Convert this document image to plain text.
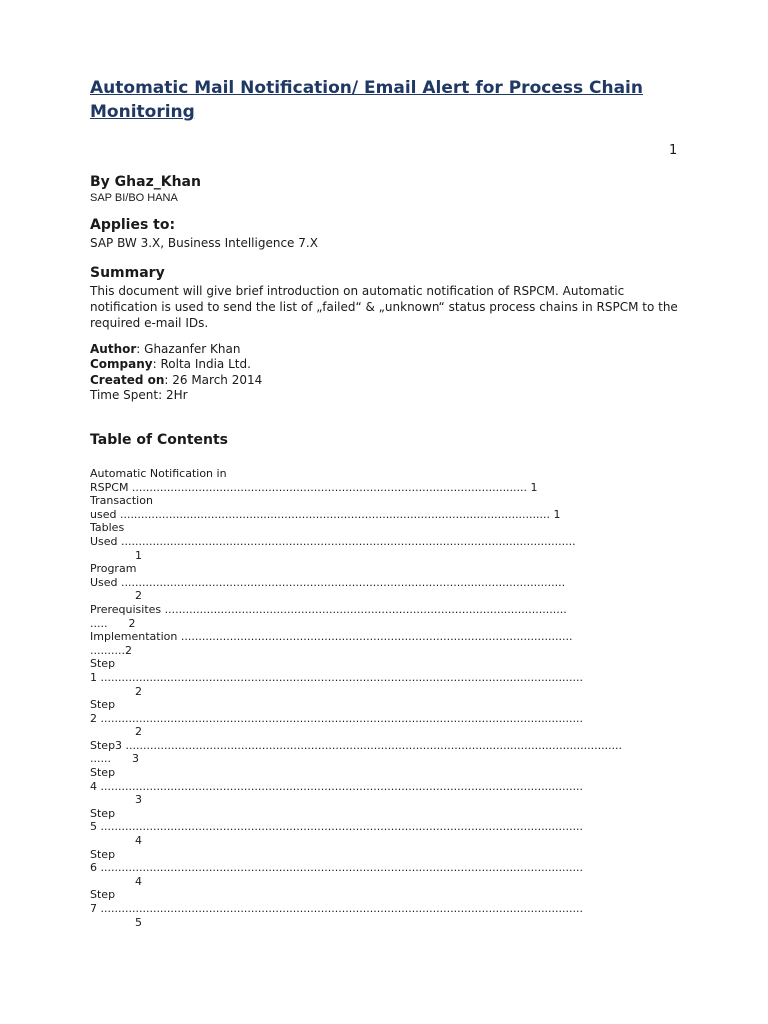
Automatic Mail Notification/ Email Alert for Process Chain Monitoring
1
By Ghaz_Khan
SAP BI/BO HANA
Applies to:
SAP BW 3.X, Business Intelligence 7.X
Summary
This document will give brief introduction on automatic notification of RSPCM. Automatic notification is used to send the list of „failed“ & „unknown“ status process chains in RSPCM to the required e-mail IDs.
Author: Ghazanfer Khan
Company: Rolta India Ltd.
Created on: 26 March 2014
Time Spent: 2Hr
Table of Contents
Automatic Notification in
RSPCM ................................................................................................................. 1
Transaction
used ........................................................................................................................... 1
Tables
Used ..................................................................................................................................
1
Program
Used ...............................................................................................................................
2
Prerequisites ...................................................................................................................
.....      2
Implementation ................................................................................................................
..........2
Step
1 ..........................................................................................................................................
2
Step
2 ..........................................................................................................................................
2
Step3 ..............................................................................................................................................
......      3
Step
4 ..........................................................................................................................................
3
Step
5 ..........................................................................................................................................
4
Step
6 ..........................................................................................................................................
4
Step
7 ..........................................................................................................................................
5
